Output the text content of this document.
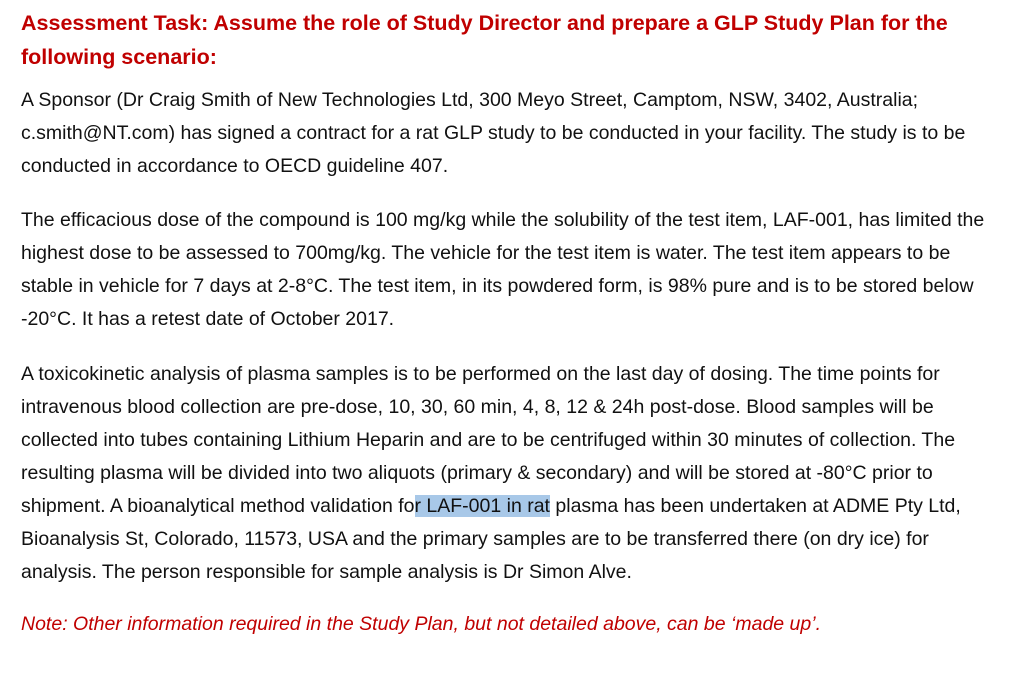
Assessment Task: Assume the role of Study Director and prepare a GLP Study Plan for the following scenario:

A Sponsor (Dr Craig Smith of New Technologies Ltd, 300 Meyo Street, Camptom, NSW, 3402, Australia; c.smith@NT.com) has signed a contract for a rat GLP study to be conducted in your facility. The study is to be conducted in accordance to OECD guideline 407.

The efficacious dose of the compound is 100 mg/kg while the solubility of the test item, LAF-001, has limited the highest dose to be assessed to 700mg/kg. The vehicle for the test item is water. The test item appears to be stable in vehicle for 7 days at 2-8°C. The test item, in its powdered form, is 98% pure and is to be stored below -20°C. It has a retest date of October 2017.

A toxicokinetic analysis of plasma samples is to be performed on the last day of dosing. The time points for intravenous blood collection are pre-dose, 10, 30, 60 min, 4, 8, 12 & 24h post-dose. Blood samples will be collected into tubes containing Lithium Heparin and are to be centrifuged within 30 minutes of collection. The resulting plasma will be divided into two aliquots (primary & secondary) and will be stored at -80°C prior to shipment. A bioanalytical method validation for LAF-001 in rat plasma has been undertaken at ADME Pty Ltd, Bioanalysis St, Colorado, 11573, USA and the primary samples are to be transferred there (on dry ice) for analysis. The person responsible for sample analysis is Dr Simon Alve.

Note: Other information required in the Study Plan, but not detailed above, can be ‘made up’.
